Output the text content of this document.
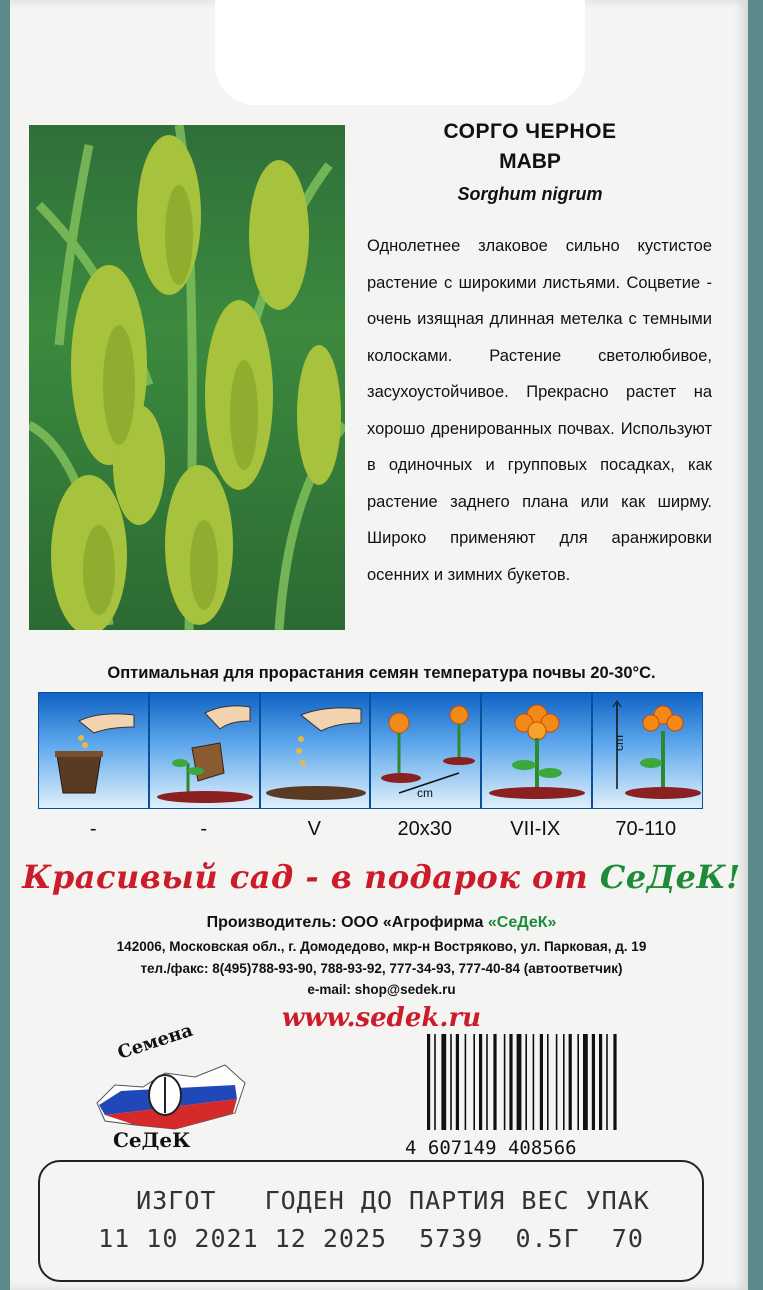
СОРГО ЧЕРНОЕ
МАВР
Sorghum nigrum
Однолетнее злаковое сильно кустистое растение с широкими листьями. Соцветие - очень изящная длинная метелка с темными колосками. Растение светолюбивое, засухоустойчивое. Прекрасно растет на хорошо дренированных почвах. Используют в одиночных и групповых посадках, как растение заднего плана или как ширму. Широко применяют для аранжировки осенних и зимних букетов.
Оптимальная для прорастания семян температура почвы 20-30°С.
cm
cm
-	-	V	20x30	VII-IX	70-110
Красивый сад - в подарок от СеДеК!
Производитель: ООО «Агрофирма «СеДеК»
142006, Московская обл., г. Домодедово, мкр-н Востряково, ул. Парковая, д. 19
тел./факс: 8(495)788-93-90, 788-93-92, 777-34-93, 777-40-84 (автоответчик)
e-mail: shop@sedek.ru
www.sedek.ru
Семена
СеДеК	4 607149 408566
ИЗГОТ   ГОДЕН ДО ПАРТИЯ ВЕС УПАК
11 10 2021 12 2025  5739  0.5Г  70
